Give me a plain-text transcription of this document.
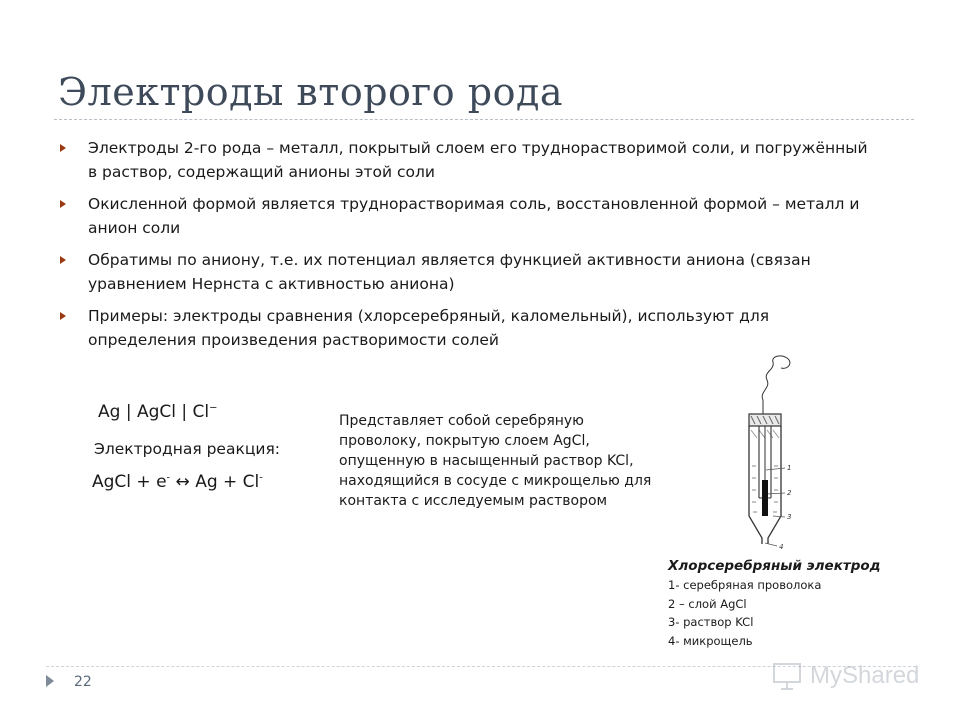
Электроды второго рода
Электроды 2-го рода – металл, покрытый слоем его труднорастворимой соли, и погружённый в раствор, содержащий анионы этой соли
Окисленной формой является труднорастворимая соль, восстановленной формой – металл и анион соли
Обратимы по аниону, т.е. их потенциал является функцией активности аниона (связан уравнением Нернста с активностью аниона)
Примеры: электроды сравнения (хлорсеребряный, каломельный), используют для определения произведения растворимости солей
Ag | AgCl | Cl−
Электродная реакция:
AgCl + e- ↔ Ag + Cl-

Представляет собой серебряную проволоку, покрытую слоем AgCl, опущенную в насыщенный раствор KCl, находящийся в сосуде с микрощелью для контакта с исследуемым раствором

1
2
3
4
Хлорсеребряный электрод
1- серебряная проволока
2 – слой AgCl
3- раствор KCl
4- микрощель
22	MyShared
